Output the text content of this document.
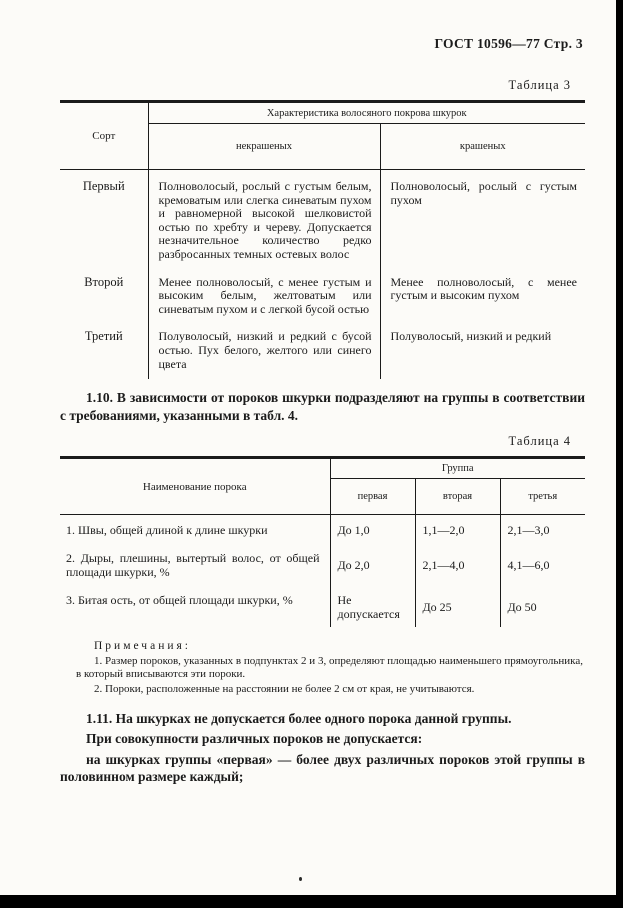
ГОСТ 10596—77 Стр. 3
Таблица 3
Сорт	Характеристика волосяного покрова шкурок	
	некрашеных	крашеных
Первый	Полноволосый, рослый с густым белым, кремоватым или слегка синеватым пухом и равномерной высокой шелковистой остью по хребту и череву. Допускается незначительное количество редко разбросанных темных остевых волос	Полноволосый, рослый с густым пухом
Второй	Менее полноволосый, с менее густым и высоким белым, желтоватым или синеватым пухом и с легкой бусой остью	Менее полноволосый, с менее густым и высоким пухом
Третий	Полуволосый, низкий и редкий с бусой остью. Пух белого, желтого или синего цвета	Полуволосый, низкий и редкий

1.10. В зависимости от пороков шкурки подразделяют на группы в соответствии с требованиями, указанными в табл. 4.

Таблица 4
Наименование порока	Группа		
	первая	вторая	третья
1. Швы, общей длиной к длине шкурки	До 1,0	1,1—2,0	2,1—3,0
2. Дыры, плешины, вытертый волос, от общей площади шкурки, %	До 2,0	2,1—4,0	4,1—6,0
3. Битая ость, от общей площади шкурки, %	Не допускается	До 25	До 50
Примечания:

1. Размер пороков, указанных в подпунктах 2 и 3, определяют площадью наименьшего прямоугольника, в который вписываются эти пороки.

2. Пороки, расположенные на расстоянии не более 2 см от края, не учитываются.

1.11. На шкурках не допускается более одного порока данной группы.

При совокупности различных пороков не допускается:

на шкурках группы «первая» — более двух различных пороков этой группы в половинном размере каждый;
